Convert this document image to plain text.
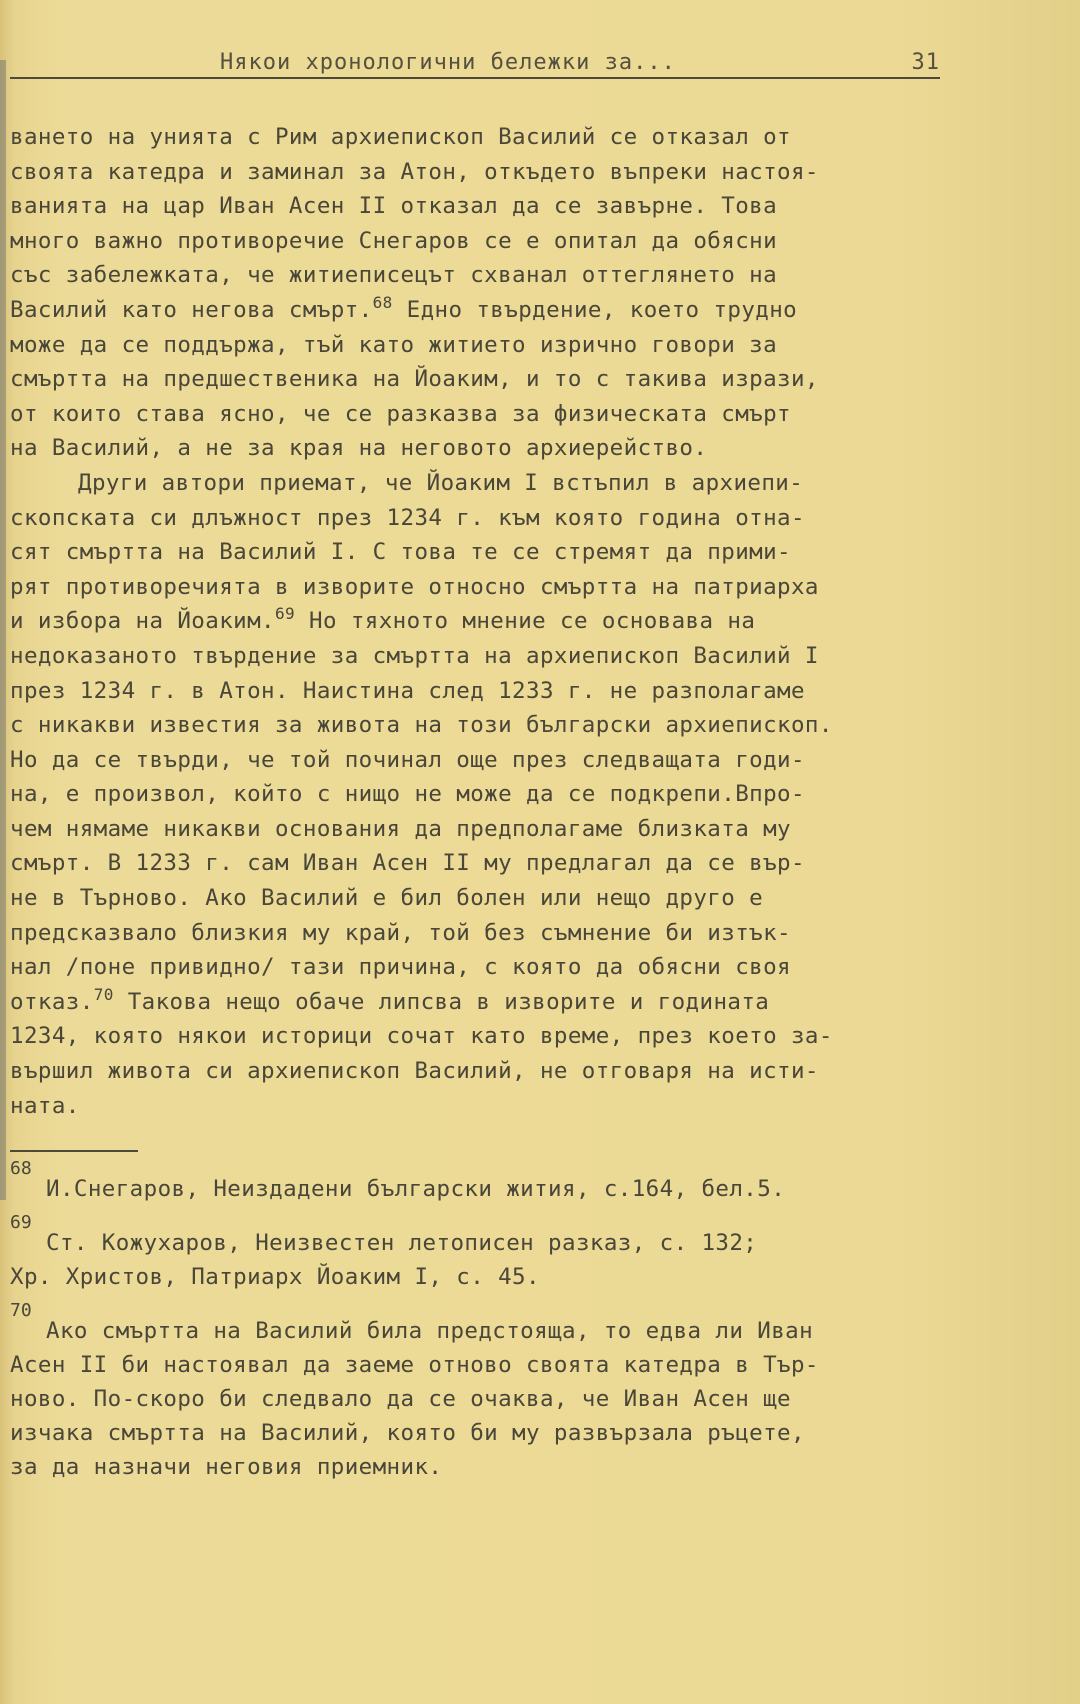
Някои хронологични бележки за...	31
ването на унията с Рим архиепископ Василий се отказал от
своята катедра и заминал за Атон, откъдето въпреки настоя-
ванията на цар Иван Асен II отказал да се завърне. Това
много важно противоречие Снегаров се е опитал да обясни
със забележката, че житиеписецът схванал оттеглянето на
Василий като негова смърт.$^{68}$ Едно твърдение, което трудно
може да се поддържа, тъй като житието изрично говори за
смъртта на предшественика на Йоаким, и то с такива изрази,
от които става ясно, че се разказва за физическата смърт
на Василий, а не за края на неговото архиерейство.
Други автори приемат, че Йоаким I встъпил в архиепи-
скопската си длъжност през 1234 г. към която година отна-
сят смъртта на Василий I. С това те се стремят да прими-
рят противоречията в изворите относно смъртта на патриарха
и избора на Йоаким.$^{69}$ Но тяхното мнение се основава на
недоказаното твърдение за смъртта на архиепископ Василий I
през 1234 г. в Атон. Наистина след 1233 г. не разполагаме
с никакви известия за живота на този български архиепископ.
Но да се твърди, че той починал още през следващата годи-
на, е произвол, който с нищо не може да се подкрепи.Впро-
чем нямаме никакви основания да предполагаме близката му
смърт. В 1233 г. сам Иван Асен II му предлагал да се вър-
не в Търново. Ако Василий е бил болен или нещо друго е
предсказвало близкия му край, той без съмнение би изтък-
нал /поне привидно/ тази причина, с която да обясни своя
отказ.$^{70}$ Такова нещо обаче липсва в изворите и годината
1234, която някои историци сочат като време, през което за-
вършил живота си архиепископ Василий, не отговаря на исти-
ната.
68
И.Снегаров, Неиздадени български жития, с.164, бел.5.
69
Ст. Кожухаров, Неизвестен летописен разказ, с. 132;
Хр. Христов, Патриарх Йоаким I, с. 45.
70
Ако смъртта на Василий била предстояща, то едва ли Иван
Асен II би настоявал да заеме отново своята катедра в Тър-
ново. По-скоро би следвало да се очаква, че Иван Асен ще
изчака смъртта на Василий, която би му развързала ръцете,
за да назначи неговия приемник.
